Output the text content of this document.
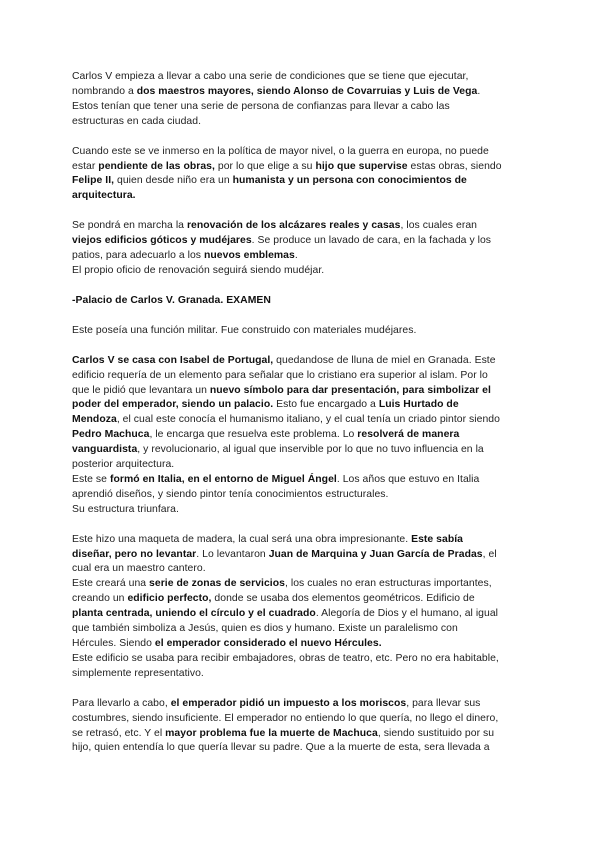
Carlos V empieza a llevar a cabo una serie de condiciones que se tiene que ejecutar,
nombrando a dos maestros mayores, siendo Alonso de Covarruias y Luis de Vega.
Estos tenían que tener una serie de persona de confianzas para llevar a cabo las
estructuras en cada ciudad.

Cuando este se ve inmerso en la política de mayor nivel, o la guerra en europa, no puede
estar pendiente de las obras, por lo que elige a su hijo que supervise estas obras, siendo
Felipe II, quien desde niño era un humanista y un persona con conocimientos de
arquitectura.

Se pondrá en marcha la renovación de los alcázares reales y casas, los cuales eran
viejos edificios góticos y mudéjares. Se produce un lavado de cara, en la fachada y los
patios, para adecuarlo a los nuevos emblemas.
El propio oficio de renovación seguirá siendo mudéjar.

-Palacio de Carlos V. Granada. EXAMEN

Este poseía una función militar. Fue construido con materiales mudéjares.

Carlos V se casa con Isabel de Portugal, quedandose de lluna de miel en Granada. Este
edificio requería de un elemento para señalar que lo cristiano era superior al islam. Por lo
que le pidió que levantara un nuevo símbolo para dar presentación, para simbolizar el
poder del emperador, siendo un palacio. Esto fue encargado a Luis Hurtado de
Mendoza, el cual este conocía el humanismo italiano, y el cual tenía un criado pintor siendo
Pedro Machuca, le encarga que resuelva este problema. Lo resolverá de manera
vanguardista, y revolucionario, al igual que inservible por lo que no tuvo influencia en la
posterior arquitectura.
Este se formó en Italia, en el entorno de Miguel Ángel. Los años que estuvo en Italia
aprendió diseños, y siendo pintor tenía conocimientos estructurales.
Su estructura triunfara.

Este hizo una maqueta de madera, la cual será una obra impresionante. Este sabía
diseñar, pero no levantar. Lo levantaron Juan de Marquina y Juan García de Pradas, el
cual era un maestro cantero.
Este creará una serie de zonas de servicios, los cuales no eran estructuras importantes,
creando un edificio perfecto, donde se usaba dos elementos geométricos. Edificio de
planta centrada, uniendo el círculo y el cuadrado. Alegoría de Dios y el humano, al igual
que también simboliza a Jesús, quien es dios y humano. Existe un paralelismo con
Hércules. Siendo el emperador considerado el nuevo Hércules.
Este edificio se usaba para recibir embajadores, obras de teatro, etc. Pero no era habitable,
simplemente representativo.

Para llevarlo a cabo, el emperador pidió un impuesto a los moriscos, para llevar sus
costumbres, siendo insuficiente. El emperador no entiendo lo que quería, no llego el dinero,
se retrasó, etc. Y el mayor problema fue la muerte de Machuca, siendo sustituido por su
hijo, quien entendía lo que quería llevar su padre. Que a la muerte de esta, sera llevada a
